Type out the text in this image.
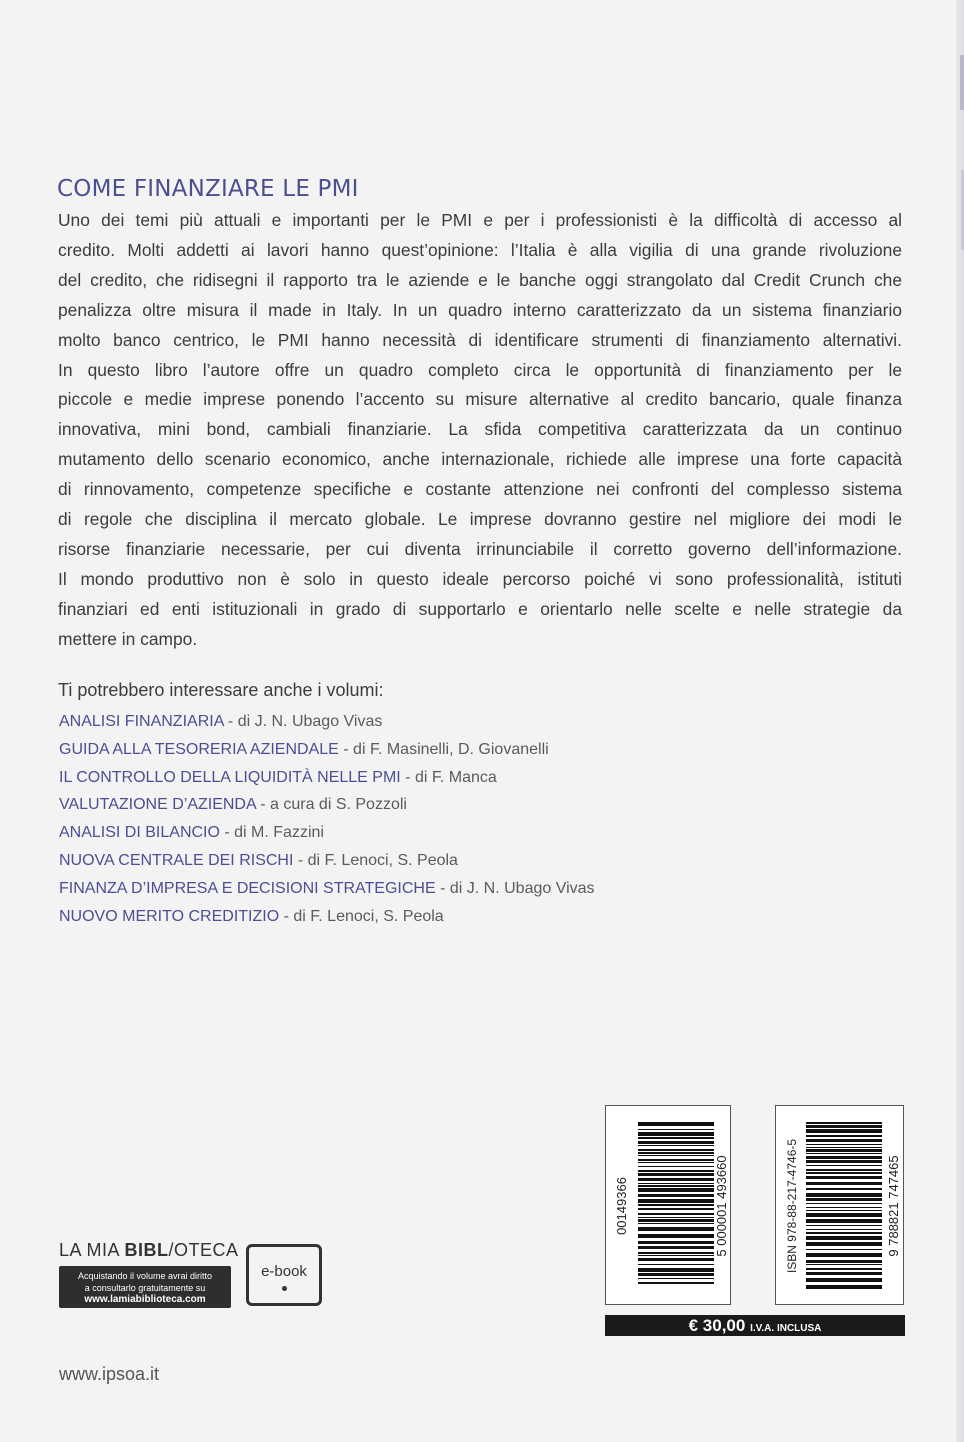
COME FINANZIARE LE PMI
Uno dei temi più attuali e importanti per le PMI e per i professionisti è la difficoltà di accesso al
credito. Molti addetti ai lavori hanno quest’opinione: l’Italia è alla vigilia di una grande rivoluzione
del credito, che ridisegni il rapporto tra le aziende e le banche oggi strangolato dal Credit Crunch che
penalizza oltre misura il made in Italy. In un quadro interno caratterizzato da un sistema finanziario
molto banco centrico, le PMI hanno necessità di identificare strumenti di finanziamento alternativi.
In questo libro l’autore offre un quadro completo circa le opportunità di finanziamento per le
piccole e medie imprese ponendo l’accento su misure alternative al credito bancario, quale finanza
innovativa, mini bond, cambiali finanziarie. La sfida competitiva caratterizzata da un continuo
mutamento dello scenario economico, anche internazionale, richiede alle imprese una forte capacità
di rinnovamento, competenze specifiche e costante attenzione nei confronti del complesso sistema
di regole che disciplina il mercato globale. Le imprese dovranno gestire nel migliore dei modi le
risorse finanziarie necessarie, per cui diventa irrinunciabile il corretto governo dell’informazione.
Il mondo produttivo non è solo in questo ideale percorso poiché vi sono professionalità, istituti
finanziari ed enti istituzionali in grado di supportarlo e orientarlo nelle scelte e nelle strategie da
mettere in campo.
Ti potrebbero interessare anche i volumi:
ANALISI FINANZIARIA - di J. N. Ubago Vivas
GUIDA ALLA TESORERIA AZIENDALE - di F. Masinelli, D. Giovanelli
IL CONTROLLO DELLA LIQUIDITÀ NELLE PMI - di F. Manca
VALUTAZIONE D’AZIENDA - a cura di S. Pozzoli
ANALISI DI BILANCIO - di M. Fazzini
NUOVA CENTRALE DEI RISCHI - di F. Lenoci, S. Peola
FINANZA D’IMPRESA E DECISIONI STRATEGICHE - di J. N. Ubago Vivas
NUOVO MERITO CREDITIZIO - di F. Lenoci, S. Peola
00149366	5 000001 493660	ISBN 978-88-217-4746-5	9 788821 747465
€ 30,00 I.V.A. INCLUSA
LA MIA BIBL/OTECA
Acquistando il volume avrai diritto
a consultarlo gratuitamente su
www.lamiabiblioteca.com
e-book
www.ipsoa.it
